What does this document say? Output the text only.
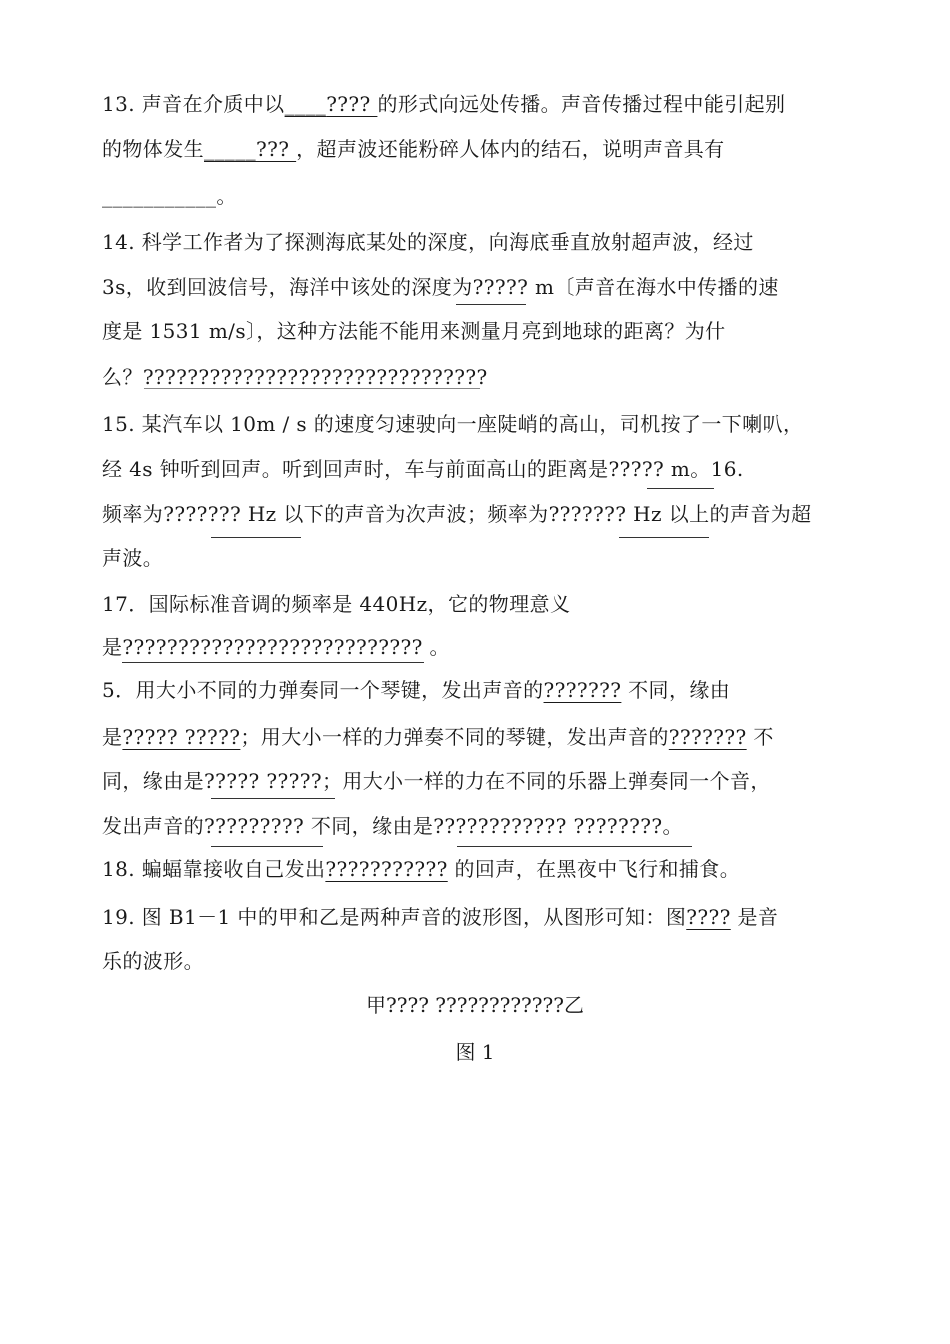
13. 声音在介质中以____???? 的形式向远处传播。声音传播过程中能引起别
的物体发生_____??? ，超声波还能粉碎人体内的结石，说明声音具有
___________。
14. 科学工作者为了探测海底某处的深度，向海底垂直放射超声波，经过
3s，收到回波信号，海洋中该处的深度为????? m〔声音在海水中传播的速
度是 1531 m/s〕，这种方法能不能用来测量月亮到地球的距离？为什
么？???????????????????????????????
15. 某汽车以 10m / s 的速度匀速驶向一座陡峭的高山，司机按了一下喇叭，
经 4s 钟听到回声。听到回声时，车与前面高山的距离是????? m。16.
频率为??????? Hz 以下的声音为次声波；频率为??????? Hz 以上的声音为超
声波。
17．国际标准音调的频率是 440Hz，它的物理意义
是??????????????????????????? 。
5．用大小不同的力弹奏同一个琴键，发出声音的??????? 不同，缘由
是????? ?????；用大小一样的力弹奏不同的琴键，发出声音的??????? 不
同，缘由是????? ?????；用大小一样的力在不同的乐器上弹奏同一个音，
发出声音的????????? 不同，缘由是???????????? ????????。
18. 蝙蝠靠接收自己发出??????????? 的回声，在黑夜中飞行和捕食。
19. 图 B1－1 中的甲和乙是两种声音的波形图，从图形可知：图???? 是音
乐的波形。
甲???? ????????????乙
图 1
